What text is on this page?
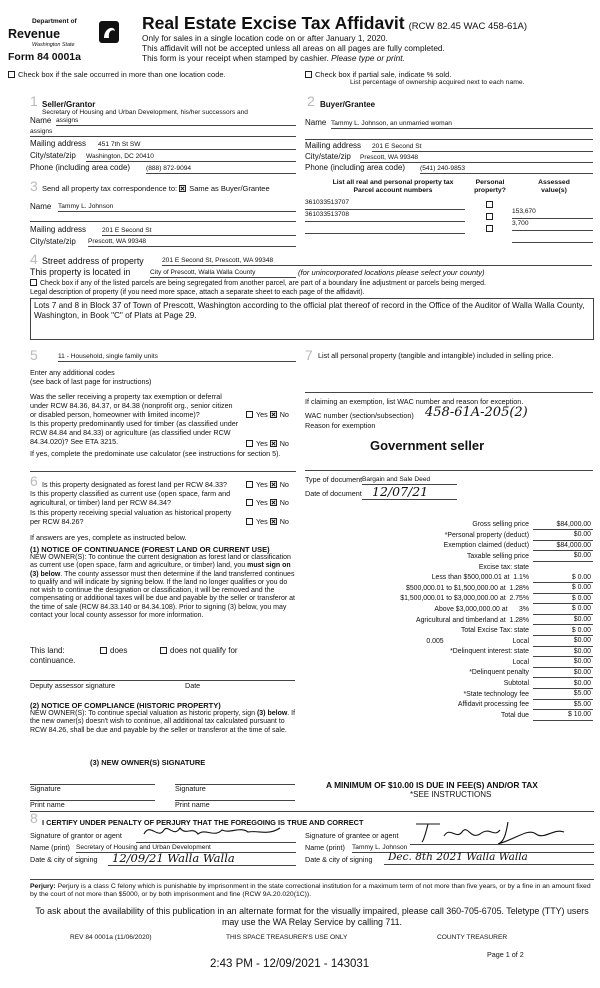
Department of
Revenue
Washington State
Form 84 0001a
Real Estate Excise Tax Affidavit (RCW 82.45 WAC 458-61A)
Only for sales in a single location code on or after January 1, 2020.
This affidavit will not be accepted unless all areas on all pages are fully completed.
This form is your receipt when stamped by cashier. Please type or print.
Check box if the sale occurred in more than one location code.	Check box if partial sale, indicate % sold.
List percentage of ownership acquired next to each name.
1 Seller/Grantor
Secretary of Housing and Urban Development, his/her successors and
Name assigns
assigns
Mailing address 451 7th St SW
City/state/zip Washington, DC 20410
Phone (including area code) (888) 872-9094
2 Buyer/Grantee
Name Tammy L. Johnson, an unmarried woman
Mailing address 201 E Second St
City/state/zip Prescott, WA 99348
Phone (including area code) (541) 240-9853
3 Send all property tax correspondence to: Same as Buyer/Grantee
Name Tammy L. Johnson
Mailing address 201 E Second St
City/state/zip Prescott, WA 99348
List all real and personal property tax
Parcel account numbers
Personal
property?
Assessed
value(s)
361033513707
153,670
361033513708
3,700
4 Street address of property	201 E Second St, Prescott, WA 99348
This property is located in	City of Prescott, Walla Walla County	(for unincorporated locations please select your county)
Check box if any of the listed parcels are being segregated from another parcel, are part of a boundary line adjustment or parcels being merged.
Legal description of property (if you need more space, attach a separate sheet to each page of the affidavit).
Lots 7 and 8 in Block 37 of Town of Prescott, Washington according to the official plat thereof of record in the Office of the Auditor of Walla Walla County, Washington, in Book "C" of Plats at Page 29.
5	11 - Household, single family units
Enter any additional codes
(see back of last page for instructions)
Was the seller receiving a property tax exemption or deferral under RCW 84.36, 84.37, or 84.38 (nonprofit org., senior citizen or disabled person, homeowner with limited income)?	Yes No
Is this property predominantly used for timber (as classified under RCW 84.84 and 84.33) or agriculture (as classified under RCW 84.34.020)? See ETA 3215.	Yes No
If yes, complete the predominate use calculator (see instructions for section 5).
6 Is this property designated as forest land per RCW 84.33?	Yes No
Is this property classified as current use (open space, farm and agricultural, or timber) land per RCW 84.34?	Yes No
Is this property receiving special valuation as historical property per RCW 84.26?	Yes No
If answers are yes, complete as instructed below.
(1) NOTICE OF CONTINUANCE (FOREST LAND OR CURRENT USE)
NEW OWNER(S): To continue the current designation as forest land or classification as current use (open space, farm and agriculture, or timber) land, you must sign on (3) below. The county assessor must then determine if the land transferred continues to qualify and will indicate by signing below. If the land no longer qualifies or you do not wish to continue the designation or classification, it will be removed and the compensating or additional taxes will be due and payable by the seller or transferor at the time of sale (RCW 84.33.140 or 84.34.108). Prior to signing (3) below, you may contact your local county assessor for more information.
This land:	does	does not qualify for
continuance.
Deputy assessor signature	Date
(2) NOTICE OF COMPLIANCE (HISTORIC PROPERTY)
NEW OWNER(S): To continue special valuation as historic property, sign (3) below. If the new owner(s) doesn't wish to continue, all additional tax calculated pursuant to RCW 84.26, shall be due and payable by the seller or transferor at the time of sale.
(3) NEW OWNER(S) SIGNATURE
Signature	Signature
Print name	Print name
7 List all personal property (tangible and intangible) included in selling price.
If claiming an exemption, list WAC number and reason for exception.
WAC number (section/subsection) 458-61A-205(2)
Reason for exemption
Government seller
Type of document Bargain and Sale Deed
Date of document 12/07/21
Gross selling price	$84,000.00
*Personal property (deduct)	$0.00
Exemption claimed (deduct)	$84,000.00
Taxable selling price	$0.00
Excise tax: state	
Less than $500,000.01 at  1.1%	$ 0.00
$500,000.01 to $1,500,000.00 at  1.28%	$ 0.00
$1,500,000.01 to $3,000,000.00 at  2.75%	$ 0.00
Above $3,000,000.00 at      3%	$ 0.00
Agricultural and timberland at  1.28%	$0.00
Total Excise Tax: state	$ 0.00
0.005                                    Local	$0.00
*Delinquent interest: state	$0.00
Local	$0.00
*Delinquent penalty	$0.00
Subtotal	$0.00
*State technology fee	$5.00
Affidavit processing fee	$5.00
Total due	$ 10.00
A MINIMUM OF $10.00 IS DUE IN FEE(S) AND/OR TAX
*SEE INSTRUCTIONS
8 I CERTIFY UNDER PENALTY OF PERJURY THAT THE FOREGOING IS TRUE AND CORRECT
Signature of grantor or agent
Name (print) Secretary of Housing and Urban Development
Date & city of signing	12/09/21 Walla Walla
Signature of grantee or agent
Name (print) Tammy L. Johnson
Date & city of signing	Dec. 8th 2021 Walla Walla
Perjury: Perjury is a class C felony which is punishable by imprisonment in the state correctional institution for a maximum term of not more than five years, or by a fine in an amount fixed by the court of not more than $5000, or by both imprisonment and fine (RCW 9A.20.020(1C)).
To ask about the availability of this publication in an alternate format for the visually impaired, please call 360-705-6705. Teletype (TTY) users may use the WA Relay Service by calling 711.
REV 84 0001a (11/06/2020)	THIS SPACE TREASURER'S USE ONLY	COUNTY TREASURER
Page 1 of 2
2:43 PM - 12/09/2021 - 143031
